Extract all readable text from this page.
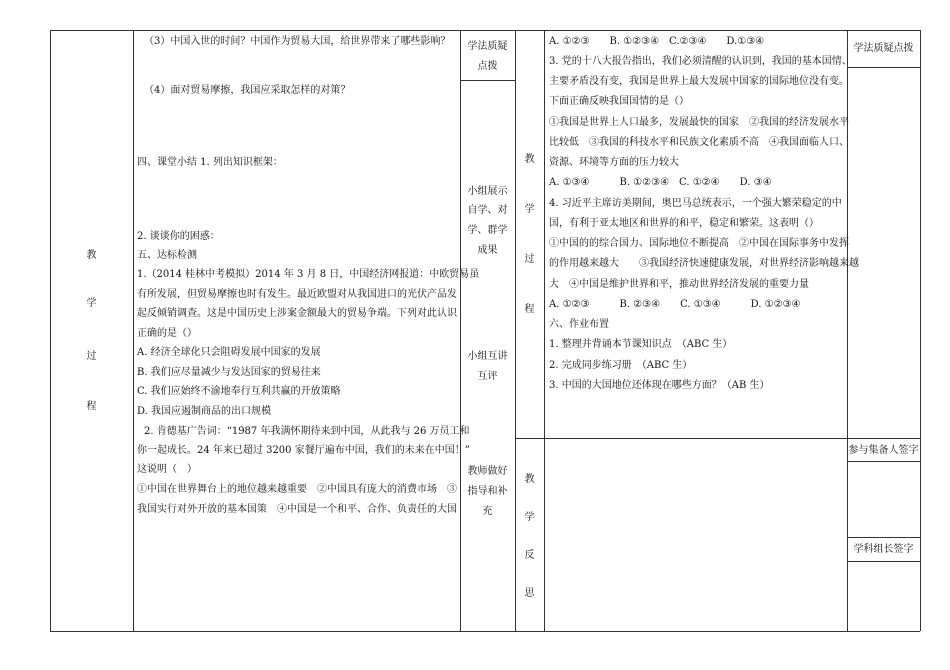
教
学
过
程
（3）中国入世的时间？中国作为贸易大国，给世界带来了哪些影响？
（4）面对贸易摩擦，我国应采取怎样的对策？
四、课堂小结 1. 列出知识框架：
2. 谈谈你的困惑：
五、达标检测
1.（2014 桂林中考模拟）2014 年 3 月 8 日，中国经济网报道：中欧贸易虽
有所发展，但贸易摩擦也时有发生。最近欧盟对从我国进口的光伏产品发
起反倾销调查。这是中国历史上涉案金额最大的贸易争端。下列对此认识
正确的是（）
A. 经济全球化只会阻碍发展中国家的发展
B. 我们应尽量减少与发达国家的贸易往来
C. 我们应始终不渝地奉行互利共赢的开放策略
D. 我国应遏制商品的出口规模
2. 肯德基广告词：“1987 年我满怀期待来到中国，从此我与 26 万员工和
你一起成长。24 年来已超过 3200 家餐厅遍布中国，我们的未来在中国！”
这说明（　）
①中国在世界舞台上的地位越来越重要　②中国具有庞大的消费市场　③
我国实行对外开放的基本国策　④中国是一个和平、合作、负责任的大国
学法质疑
点拨
小组展示
自学、对
学、群学
成果
小组互讲
互评
教师做好
指导和补
充
教
学
过
程
教
学
反
思
A. ①②③　　B. ①②③④　C.②③④　　D.①③④
3. 党的十八大报告指出，我们必须清醒的认识到，我国的基本国情、
主要矛盾没有变，我国是世界上最大发展中国家的国际地位没有变。
下面正确反映我国国情的是（）
①我国是世界上人口最多，发展最快的国家　②我国的经济发展水平
比较低　③我国的科技水平和民族文化素质不高　④我国面临人口、
资源、环境等方面的压力较大
A. ①③④　　　B. ①②③④　C. ①②④　　D. ③④
4. 习近平主席访美期间，奥巴马总统表示，一个强大繁荣稳定的中
国，有利于亚太地区和世界的和平，稳定和繁荣。这表明（）
①中国的的综合国力、国际地位不断提高　②中国在国际事务中发挥
的作用越来越大　　③我国经济快速健康发展，对世界经济影响越来越
大　④中国是维护世界和平，推动世界经济发展的重要力量
A. ①②③　　　B. ②③④　　C. ①③④　　　D. ①②③④
六、作业布置
1. 整理并背诵本节课知识点　（ABC 生）
2. 完成同步练习册　（ABC 生）
3. 中国的大国地位还体现在哪些方面？（AB 生）
学法质疑点拨
参与集备人签字
学科组长签字
